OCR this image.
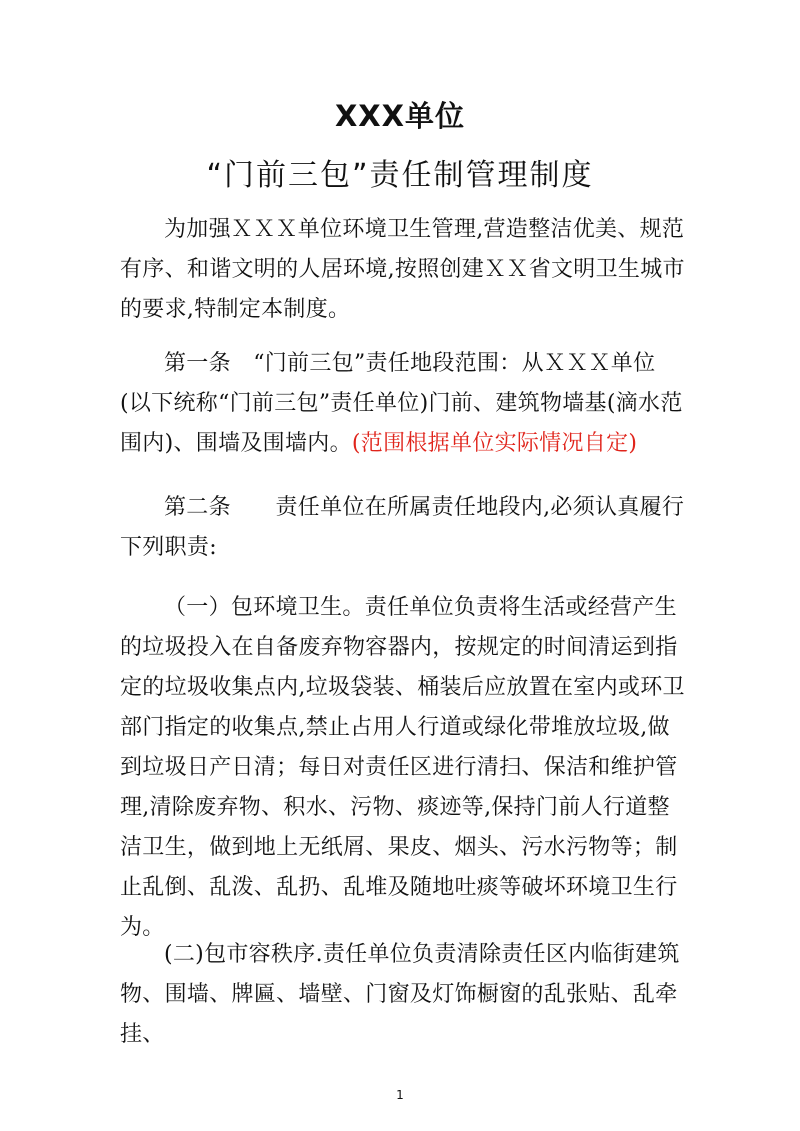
XXX单位
“门前三包”责任制管理制度

为加强ＸＸＸ单位环境卫生管理,营造整洁优美、规范有序、和谐文明的人居环境,按照创建ＸＸ省文明卫生城市的要求,特制定本制度。

第一条　“门前三包”责任地段范围：从ＸＸＸ单位(以下统称“门前三包”责任单位)门前、建筑物墙基(滴水范围内)、围墙及围墙内。(范围根据单位实际情况自定)

第二条　　责任单位在所属责任地段内,必须认真履行下列职责:

（一）包环境卫生。责任单位负责将生活或经营产生的垃圾投入在自备废弃物容器内，按规定的时间清运到指定的垃圾收集点内,垃圾袋装、桶装后应放置在室内或环卫部门指定的收集点,禁止占用人行道或绿化带堆放垃圾,做到垃圾日产日清；每日对责任区进行清扫、保洁和维护管理,清除废弃物、积水、污物、痰迹等,保持门前人行道整洁卫生，做到地上无纸屑、果皮、烟头、污水污物等；制止乱倒、乱泼、乱扔、乱堆及随地吐痰等破坏环境卫生行为。

(二)包市容秩序.责任单位负责清除责任区内临街建筑物、围墙、牌匾、墙壁、门窗及灯饰橱窗的乱张贴、乱牵挂、

1
